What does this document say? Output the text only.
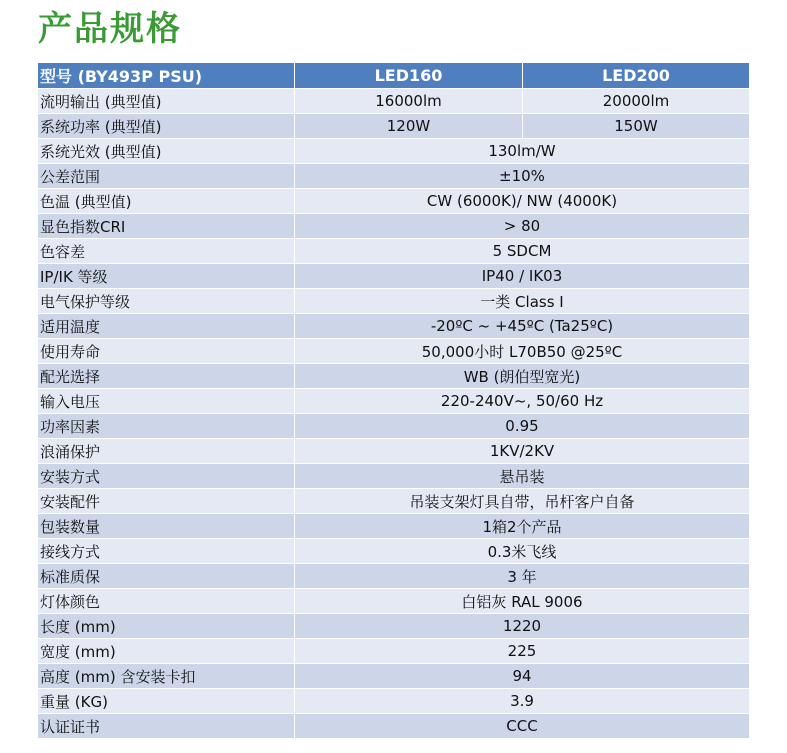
产品规格
型号 (BY493P PSU)	LED160	LED200
流明输出 (典型值)	16000lm	20000lm
系统功率 (典型值)	120W	150W
系统光效 (典型值)	130lm/W	
公差范围	±10%	
色温 (典型值)	CW (6000K)/ NW (4000K)	
显色指数CRI	> 80	
色容差	5 SDCM	
IP/IK 等级	IP40 / IK03	
电气保护等级	一类 Class I	
适用温度	-20ºC ~ +45ºC (Ta25ºC)	
使用寿命	50,000小时 L70B50 @25ºC	
配光选择	WB (朗伯型宽光)	
输入电压	220-240V~, 50/60 Hz	
功率因素	0.95	
浪涌保护	1KV/2KV	
安装方式	悬吊装	
安装配件	吊装支架灯具自带，吊杆客户自备	
包装数量	1箱2个产品	
接线方式	0.3米飞线	
标准质保	3 年	
灯体颜色	白铝灰 RAL 9006	
长度 (mm)	1220	
宽度 (mm)	225	
高度 (mm) 含安装卡扣	94	
重量 (KG)	3.9	
认证证书	CCC	
